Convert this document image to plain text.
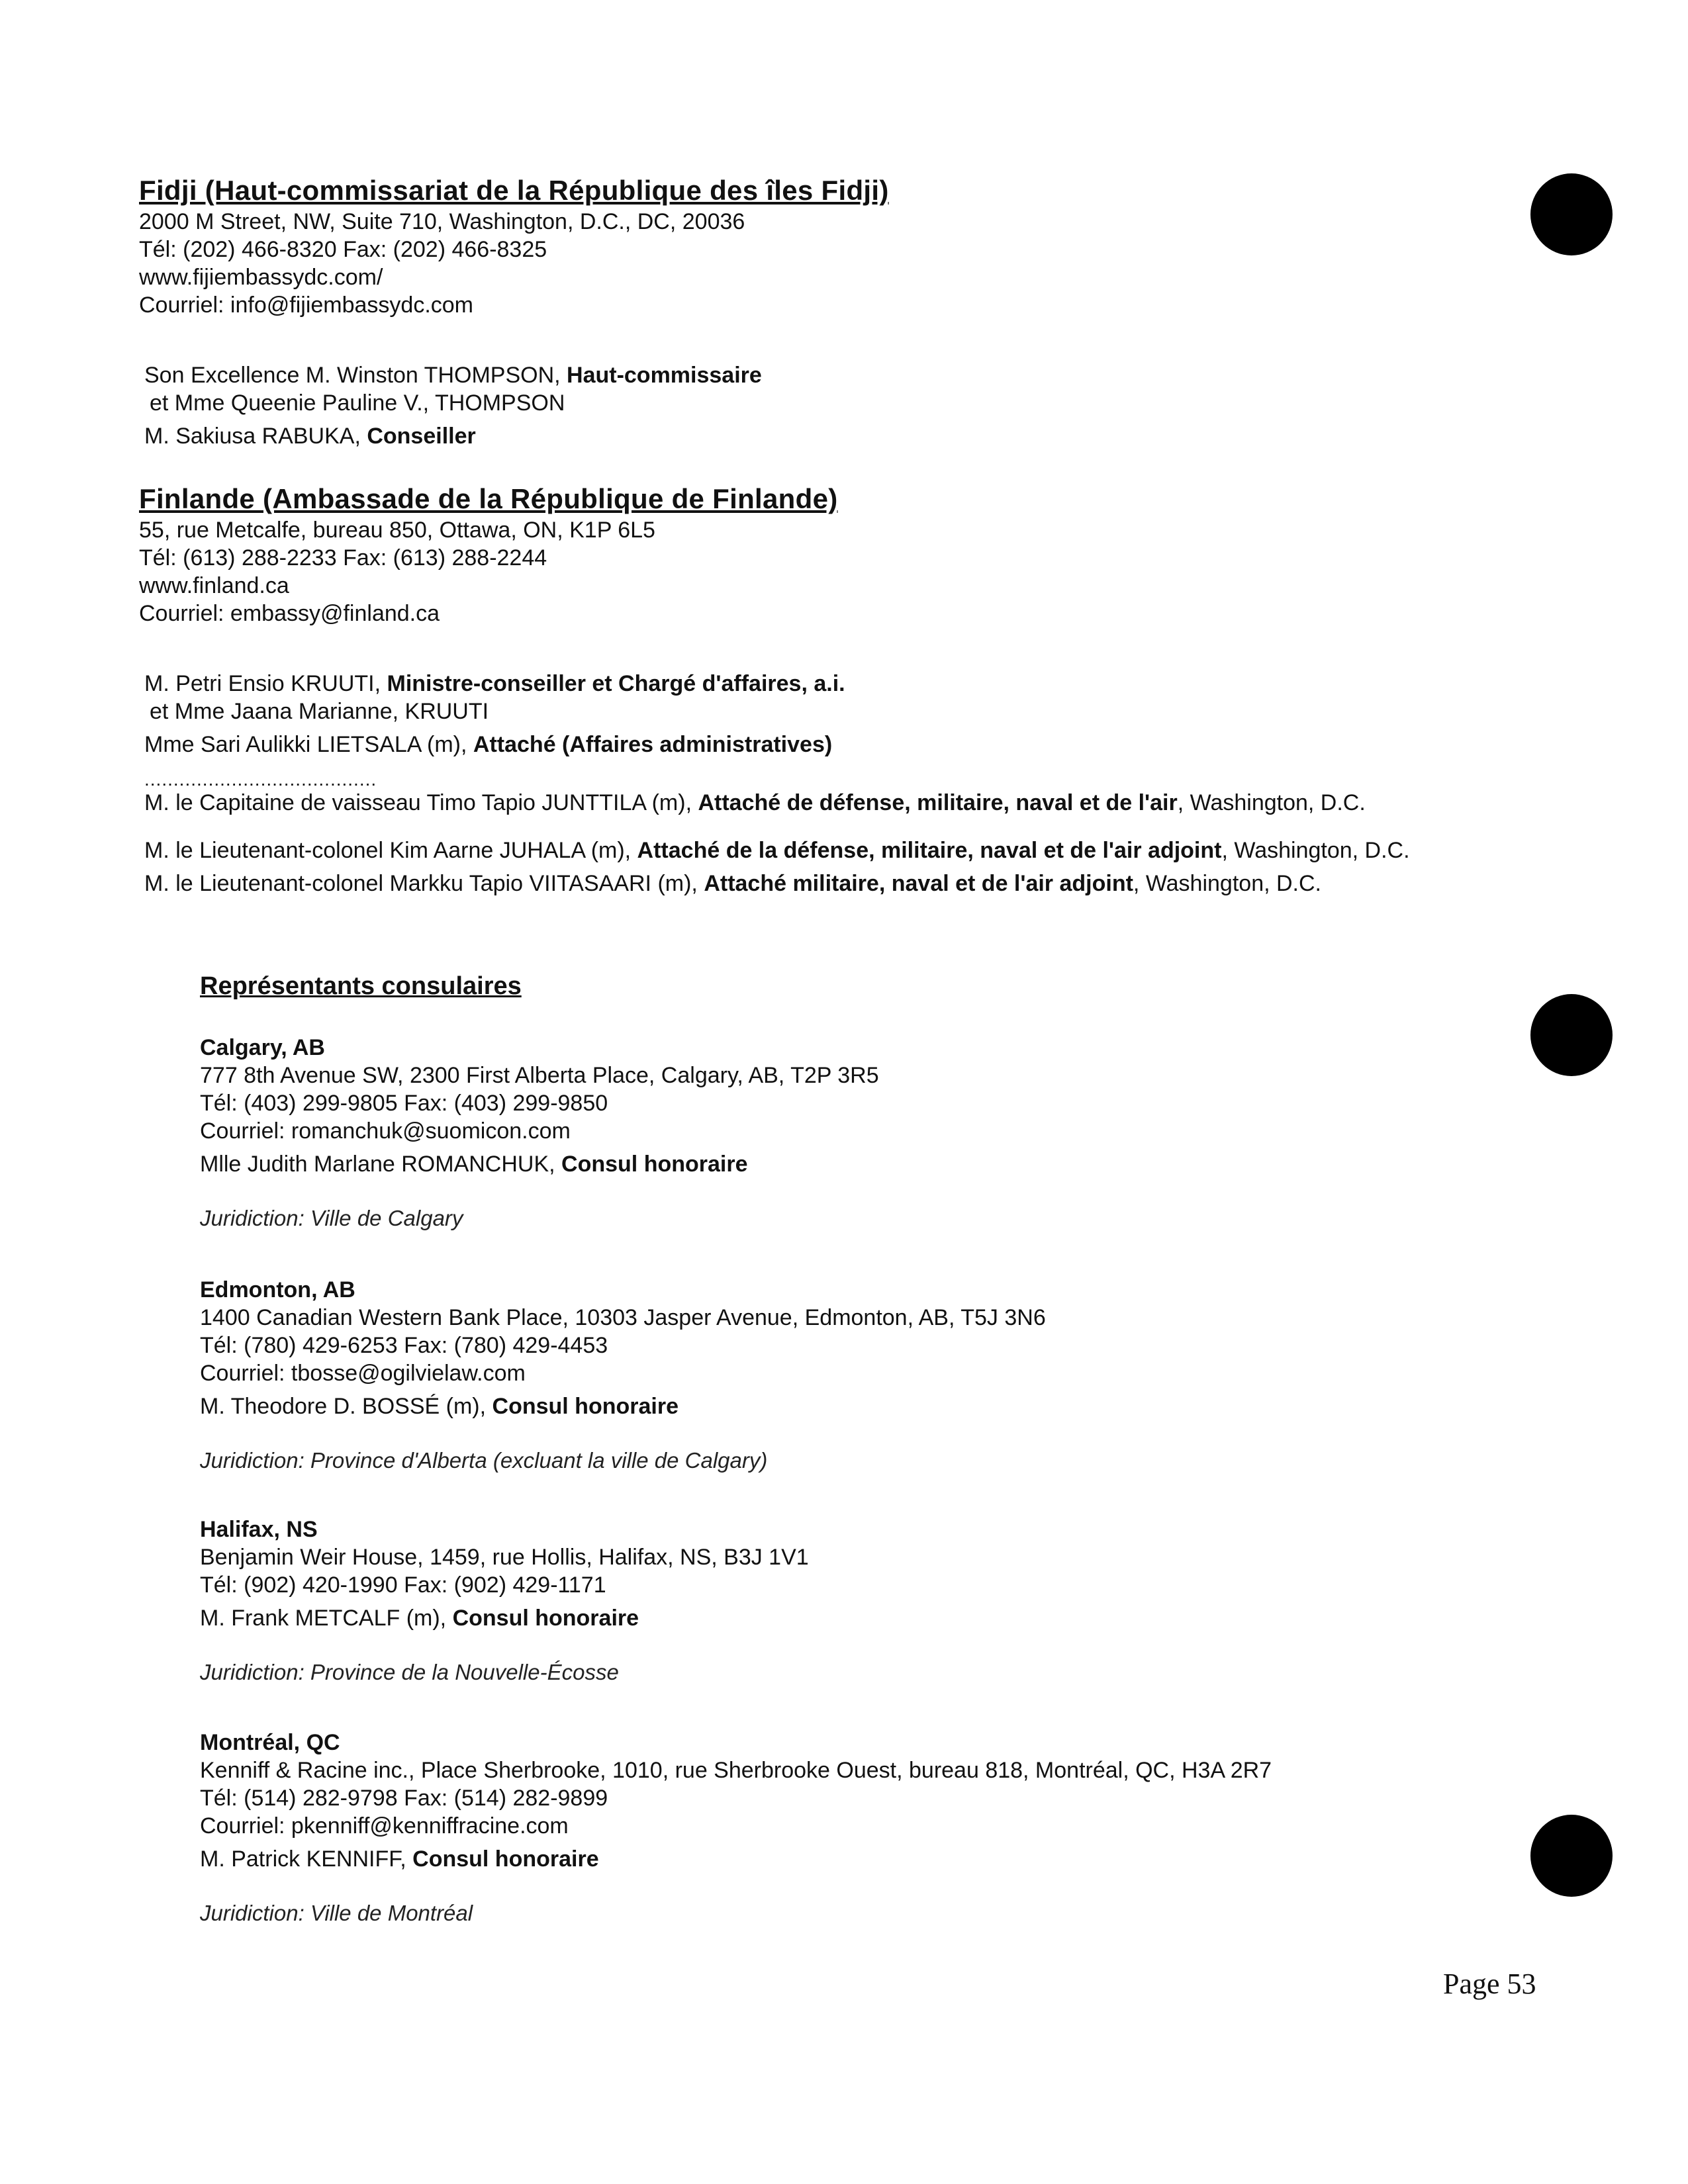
Fidji (Haut-commissariat de la République des îles Fidji)
2000 M Street, NW, Suite 710, Washington, D.C., DC, 20036
Tél: (202) 466-8320 Fax: (202) 466-8325
www.fijiembassydc.com/
Courriel: info@fijiembassydc.com
Son Excellence M. Winston THOMPSON, Haut-commissaire
et Mme Queenie Pauline V., THOMPSON
M. Sakiusa RABUKA, Conseiller
Finlande (Ambassade de la République de Finlande)
55, rue Metcalfe, bureau 850, Ottawa, ON, K1P 6L5
Tél: (613) 288-2233 Fax: (613) 288-2244
www.finland.ca
Courriel: embassy@finland.ca
M. Petri Ensio KRUUTI, Ministre-conseiller et Chargé d'affaires, a.i.
et Mme Jaana Marianne, KRUUTI
Mme Sari Aulikki LIETSALA (m), Attaché (Affaires administratives)
........................................
M. le Capitaine de vaisseau Timo Tapio JUNTTILA (m), Attaché de défense, militaire, naval et de l'air, Washington, D.C.
M. le Lieutenant-colonel Kim Aarne JUHALA (m), Attaché de la défense, militaire, naval et de l'air adjoint, Washington, D.C.
M. le Lieutenant-colonel Markku Tapio VIITASAARI (m), Attaché militaire, naval et de l'air adjoint, Washington, D.C.
Représentants consulaires
Calgary, AB
777 8th Avenue SW, 2300 First Alberta Place, Calgary, AB, T2P 3R5
Tél: (403) 299-9805 Fax: (403) 299-9850
Courriel: romanchuk@suomicon.com
Mlle Judith Marlane ROMANCHUK, Consul honoraire
Juridiction: Ville de Calgary
Edmonton, AB
1400 Canadian Western Bank Place, 10303 Jasper Avenue, Edmonton, AB, T5J 3N6
Tél: (780) 429-6253 Fax: (780) 429-4453
Courriel: tbosse@ogilvielaw.com
M. Theodore D. BOSSÉ (m), Consul honoraire
Juridiction: Province d'Alberta (excluant la ville de Calgary)
Halifax, NS
Benjamin Weir House, 1459, rue Hollis, Halifax, NS, B3J 1V1
Tél: (902) 420-1990 Fax: (902) 429-1171
M. Frank METCALF (m), Consul honoraire
Juridiction: Province de la Nouvelle-Écosse
Montréal, QC
Kenniff & Racine inc., Place Sherbrooke, 1010, rue Sherbrooke Ouest, bureau 818, Montréal, QC, H3A 2R7
Tél: (514) 282-9798 Fax: (514) 282-9899
Courriel: pkenniff@kenniffracine.com
M. Patrick KENNIFF, Consul honoraire
Juridiction: Ville de Montréal
Page 53
